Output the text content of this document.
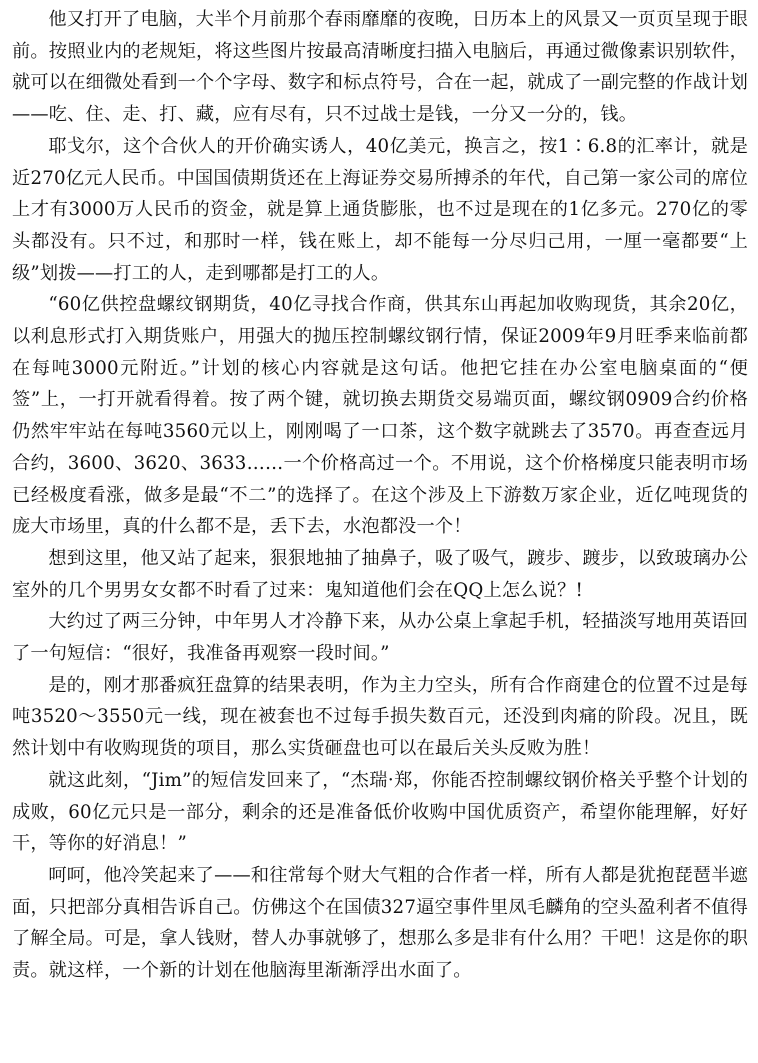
他又打开了电脑，大半个月前那个春雨靡靡的夜晚，日历本上的风景又一页页呈现于眼前。按照业内的老规矩，将这些图片按最高清晰度扫描入电脑后，再通过微像素识别软件，就可以在细微处看到一个个字母、数字和标点符号，合在一起，就成了一副完整的作战计划——吃、住、走、打、藏，应有尽有，只不过战士是钱，一分又一分的，钱。

耶戈尔，这个合伙人的开价确实诱人，40亿美元，换言之，按1∶6.8的汇率计，就是近270亿元人民币。中国国债期货还在上海证券交易所搏杀的年代，自己第一家公司的席位上才有3000万人民币的资金，就是算上通货膨胀，也不过是现在的1亿多元。270亿的零头都没有。只不过，和那时一样，钱在账上，却不能每一分尽归己用，一厘一毫都要“上级”划拨——打工的人，走到哪都是打工的人。

“60亿供控盘螺纹钢期货，40亿寻找合作商，供其东山再起加收购现货，其余20亿，以利息形式打入期货账户，用强大的抛压控制螺纹钢行情，保证2009年9月旺季来临前都在每吨3000元附近。”计划的核心内容就是这句话。他把它挂在办公室电脑桌面的“便签”上，一打开就看得着。按了两个键，就切换去期货交易端页面，螺纹钢0909合约价格仍然牢牢站在每吨3560元以上，刚刚喝了一口茶，这个数字就跳去了3570。再查查远月合约，3600、3620、3633……一个价格高过一个。不用说，这个价格梯度只能表明市场已经极度看涨，做多是最“不二”的选择了。在这个涉及上下游数万家企业，近亿吨现货的庞大市场里，真的什么都不是，丢下去，水泡都没一个！

想到这里，他又站了起来，狠狠地抽了抽鼻子，吸了吸气，踱步、踱步，以致玻璃办公室外的几个男男女女都不时看了过来：鬼知道他们会在QQ上怎么说？!

大约过了两三分钟，中年男人才冷静下来，从办公桌上拿起手机，轻描淡写地用英语回了一句短信：“很好，我准备再观察一段时间。”

是的，刚才那番疯狂盘算的结果表明，作为主力空头，所有合作商建仓的位置不过是每吨3520～3550元一线，现在被套也不过每手损失数百元，还没到肉痛的阶段。况且，既然计划中有收购现货的项目，那么实货砸盘也可以在最后关头反败为胜！

就这此刻，“Jim”的短信发回来了，“杰瑞·郑，你能否控制螺纹钢价格关乎整个计划的成败，60亿元只是一部分，剩余的还是准备低价收购中国优质资产，希望你能理解，好好干，等你的好消息！”

呵呵，他冷笑起来了——和往常每个财大气粗的合作者一样，所有人都是犹抱琵琶半遮面，只把部分真相告诉自己。仿佛这个在国债327逼空事件里凤毛麟角的空头盈利者不值得了解全局。可是，拿人钱财，替人办事就够了，想那么多是非有什么用？干吧！这是你的职责。就这样，一个新的计划在他脑海里渐渐浮出水面了。
